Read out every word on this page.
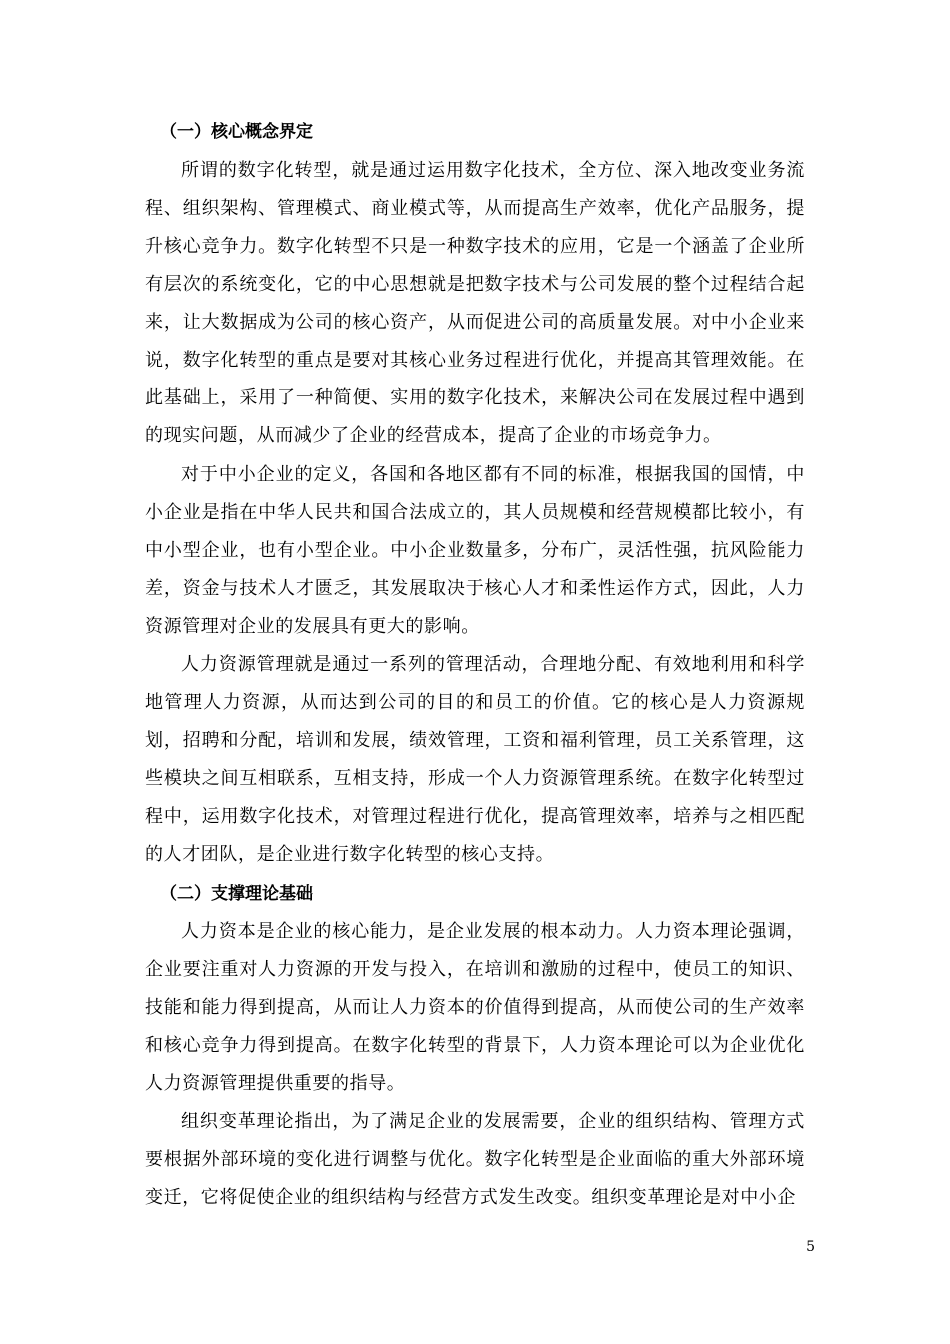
（一）核心概念界定

所谓的数字化转型，就是通过运用数字化技术，全方位、深入地改变业务流程、组织架构、管理模式、商业模式等，从而提高生产效率，优化产品服务，提升核心竞争力。数字化转型不只是一种数字技术的应用，它是一个涵盖了企业所有层次的系统变化，它的中心思想就是把数字技术与公司发展的整个过程结合起来，让大数据成为公司的核心资产，从而促进公司的高质量发展。对中小企业来说，数字化转型的重点是要对其核心业务过程进行优化，并提高其管理效能。在此基础上，采用了一种简便、实用的数字化技术，来解决公司在发展过程中遇到的现实问题，从而减少了企业的经营成本，提高了企业的市场竞争力。

对于中小企业的定义，各国和各地区都有不同的标准，根据我国的国情，中小企业是指在中华人民共和国合法成立的，其人员规模和经营规模都比较小，有中小型企业，也有小型企业。中小企业数量多，分布广，灵活性强，抗风险能力差，资金与技术人才匮乏，其发展取决于核心人才和柔性运作方式，因此，人力资源管理对企业的发展具有更大的影响。

人力资源管理就是通过一系列的管理活动，合理地分配、有效地利用和科学地管理人力资源，从而达到公司的目的和员工的价值。它的核心是人力资源规划，招聘和分配，培训和发展，绩效管理，工资和福利管理，员工关系管理，这些模块之间互相联系，互相支持，形成一个人力资源管理系统。在数字化转型过程中，运用数字化技术，对管理过程进行优化，提高管理效率，培养与之相匹配的人才团队，是企业进行数字化转型的核心支持。

（二）支撑理论基础

人力资本是企业的核心能力，是企业发展的根本动力。人力资本理论强调，企业要注重对人力资源的开发与投入，在培训和激励的过程中，使员工的知识、技能和能力得到提高，从而让人力资本的价值得到提高，从而使公司的生产效率和核心竞争力得到提高。在数字化转型的背景下，人力资本理论可以为企业优化人力资源管理提供重要的指导。

组织变革理论指出，为了满足企业的发展需要，企业的组织结构、管理方式要根据外部环境的变化进行调整与优化。数字化转型是企业面临的重大外部环境变迁，它将促使企业的组织结构与经营方式发生改变。组织变革理论是对中小企

5
